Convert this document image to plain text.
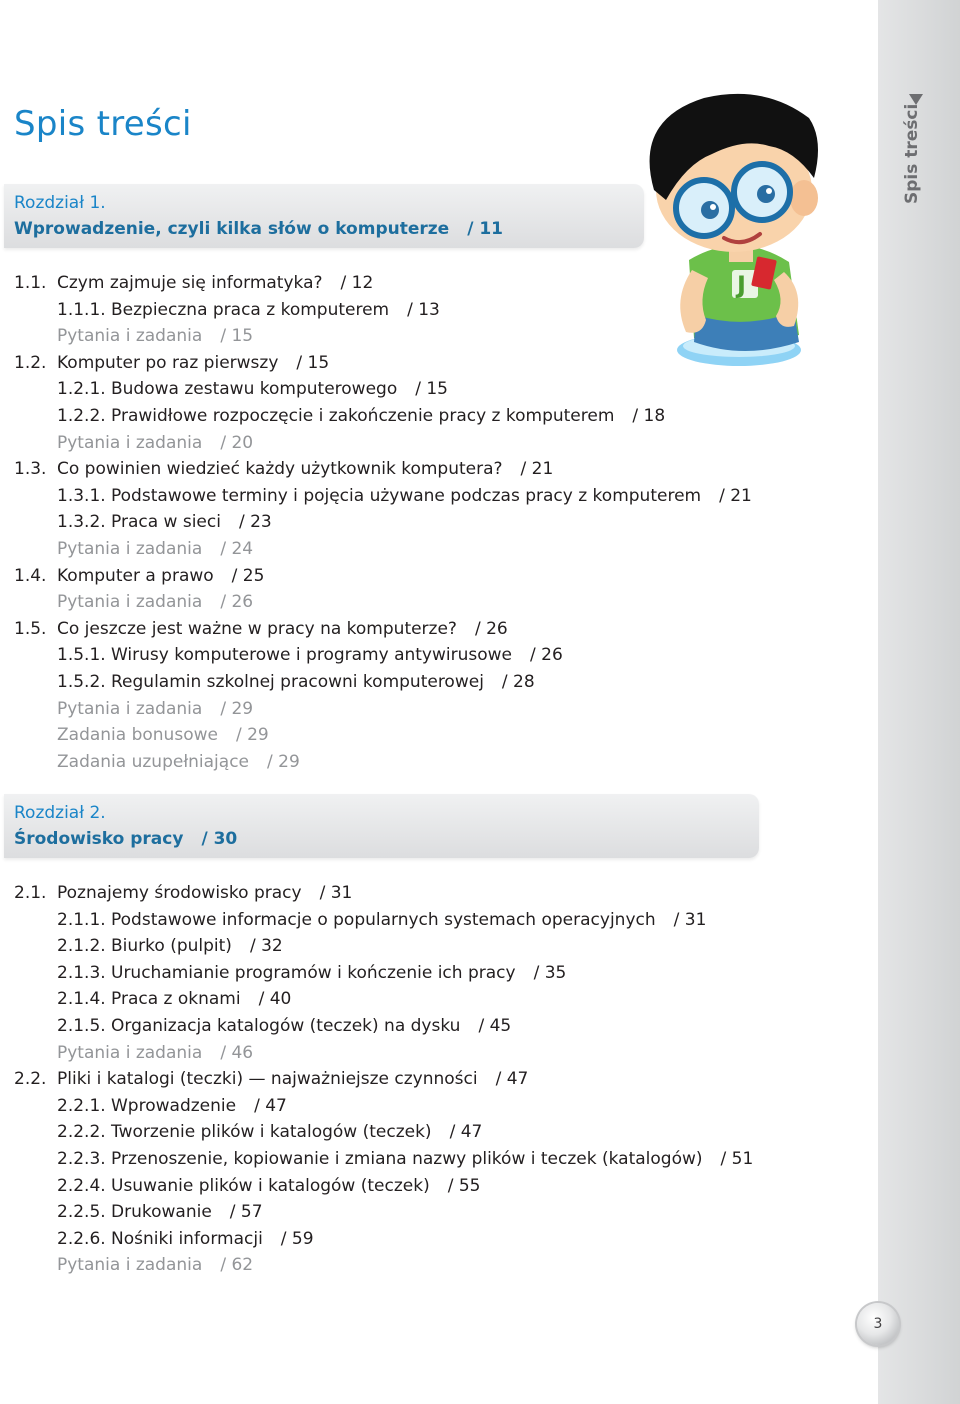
Spis treści
Spis treści
J
Rozdział 1.
Wprowadzenie, czyli kilka słów o komputerze / 11
1.1. Czym zajmuje się informatyka? / 12
1.1.1. Bezpieczna praca z komputerem / 13
Pytania i zadania / 15
1.2. Komputer po raz pierwszy / 15
1.2.1. Budowa zestawu komputerowego / 15
1.2.2. Prawidłowe rozpoczęcie i zakończenie pracy z komputerem / 18
Pytania i zadania / 20
1.3. Co powinien wiedzieć każdy użytkownik komputera? / 21
1.3.1. Podstawowe terminy i pojęcia używane podczas pracy z komputerem / 21
1.3.2. Praca w sieci / 23
Pytania i zadania / 24
1.4. Komputer a prawo / 25
Pytania i zadania / 26
1.5. Co jeszcze jest ważne w pracy na komputerze? / 26
1.5.1. Wirusy komputerowe i programy antywirusowe / 26
1.5.2. Regulamin szkolnej pracowni komputerowej / 28
Pytania i zadania / 29
Zadania bonusowe / 29
Zadania uzupełniające / 29
Rozdział 2.
Środowisko pracy / 30
2.1. Poznajemy środowisko pracy / 31
2.1.1. Podstawowe informacje o popularnych systemach operacyjnych / 31
2.1.2. Biurko (pulpit) / 32
2.1.3. Uruchamianie programów i kończenie ich pracy / 35
2.1.4. Praca z oknami / 40
2.1.5. Organizacja katalogów (teczek) na dysku / 45
Pytania i zadania / 46
2.2. Pliki i katalogi (teczki) — najważniejsze czynności / 47
2.2.1. Wprowadzenie / 47
2.2.2. Tworzenie plików i katalogów (teczek) / 47
2.2.3. Przenoszenie, kopiowanie i zmiana nazwy plików i teczek (katalogów) / 51
2.2.4. Usuwanie plików i katalogów (teczek) / 55
2.2.5. Drukowanie / 57
2.2.6. Nośniki informacji / 59
Pytania i zadania / 62
3
